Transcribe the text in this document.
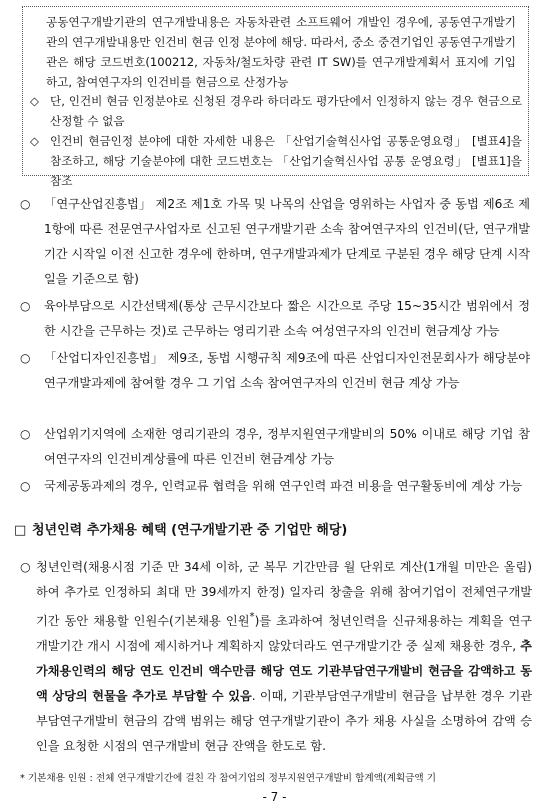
공동연구개발기관의 연구개발내용은 자동차관련 소프트웨어 개발인 경우에, 공동연구개발기관의 연구개발내용만 인건비 현금 인정 분야에 해당. 따라서, 중소 중견기업인 공동연구개발기관은 해당 코드번호(100212, 자동차/철도차량 관련 IT SW)를 연구개발계획서 표지에 기입하고, 참여연구자의 인건비를 현금으로 산정가능

◇ 단, 인건비 현금 인정분야로 신청된 경우라 하더라도 평가단에서 인정하지 않는 경우 현금으로 산정할 수 없음
◇ 인건비 현금인정 분야에 대한 자세한 내용은 「산업기술혁신사업 공통운영요령」 [별표4]을 참조하고, 해당 기술분야에 대한 코드번호는 「산업기술혁신사업 공통 운영요령」 [별표1]을 참조
○ 「연구산업진흥법」 제2조 제1호 가목 및 나목의 산업을 영위하는 사업자 중 동법 제6조 제1항에 따른 전문연구사업자로 신고된 연구개발기관 소속 참여연구자의 인건비(단, 연구개발기간 시작일 이전 신고한 경우에 한하며, 연구개발과제가 단계로 구분된 경우 해당 단계 시작일을 기준으로 함)
○ 육아부담으로 시간선택제(통상 근무시간보다 짧은 시간으로 주당 15~35시간 범위에서 정한 시간을 근무하는 것)로 근무하는 영리기관 소속 여성연구자의 인건비 현금계상 가능
○ 「산업디자인진흥법」 제9조, 동법 시행규칙 제9조에 따른 산업디자인전문회사가 해당분야 연구개발과제에 참여할 경우 그 기업 소속 참여연구자의 인건비 현금 계상 가능
○ 산업위기지역에 소재한 영리기관의 경우, 정부지원연구개발비의 50% 이내로 해당 기업 참여연구자의 인건비계상률에 따른 인건비 현금계상 가능
○ 국제공동과제의 경우, 인력교류 협력을 위해 연구인력 파견 비용을 연구활동비에 계상 가능
□ 청년인력 추가채용 혜택 (연구개발기관 중 기업만 해당)
○ 청년인력(채용시점 기준 만 34세 이하, 군 복무 기간만큼 월 단위로 계산(1개월 미만은 올림)하여 추가로 인정하되 최대 만 39세까지 한정) 일자리 창출을 위해 참여기업이 전체연구개발기간 동안 채용할 인원수(기본채용 인원*)를 초과하여 청년인력을 신규채용하는 계획을 연구개발기간 개시 시점에 제시하거나 계획하지 않았더라도 연구개발기간 중 실제 채용한 경우, 추가채용인력의 해당 연도 인건비 액수만큼 해당 연도 기관부담연구개발비 현금을 감액하고 동액 상당의 현물을 추가로 부담할 수 있음. 이때, 기관부담연구개발비 현금을 납부한 경우 기관부담연구개발비 현금의 감액 범위는 해당 연구개발기관이 추가 채용 사실을 소명하여 감액 승인을 요청한 시점의 연구개발비 현금 잔액을 한도로 함.

* 기본채용 인원 : 전체 연구개발기간에 걸친 각 참여기업의 정부지원연구개발비 합계액(계획금액 기

- 7 -
